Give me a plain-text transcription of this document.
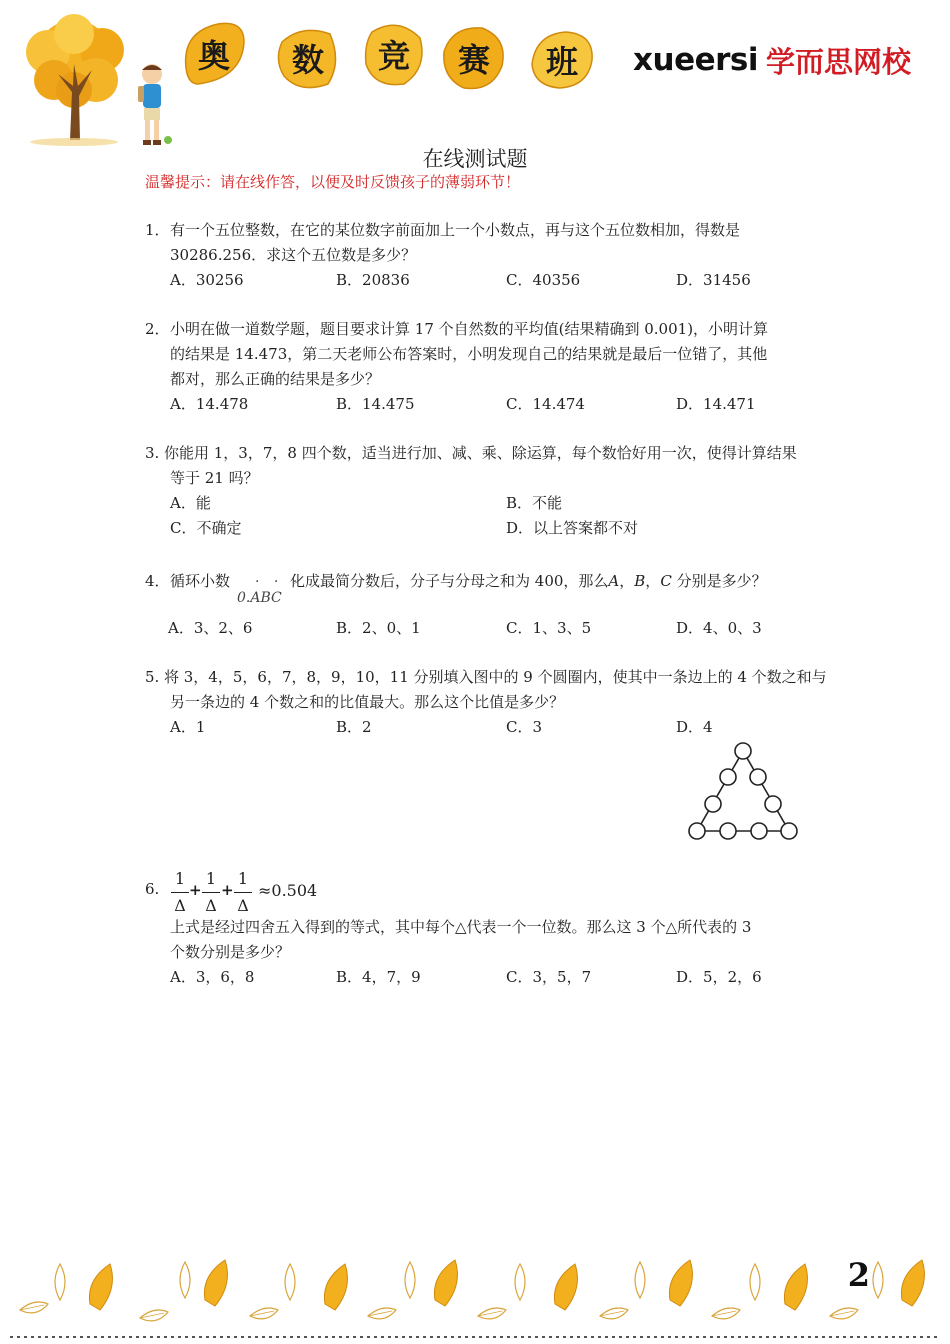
奥	数	竞	赛	班	xueersi 学而思网校
在线测试题
温馨提示：请在线作答，以便及时反馈孩子的薄弱环节！
1． 有一个五位整数，在它的某位数字前面加上一个小数点，再与这个五位数相加，得数是
30286.256．求这个五位数是多少？
A．30256	B．20836	C．40356	D．31456
2． 小明在做一道数学题，题目要求计算 17 个自然数的平均值(结果精确到 0.001)，小明计算
的结果是 14.473，第二天老师公布答案时，小明发现自己的结果就是最后一位错了，其他
都对，那么正确的结果是多少？
A．14.478	B．14.475	C．14.474	D．14.471
3. 你能用 1，3，7，8 四个数，适当进行加、减、乘、除运算，每个数恰好用一次，使得计算结果
等于 21 吗？
A．能	B．不能
C．不确定	D．以上答案都不对
4． 循环小数 . . .
0.ABC
化成最简分数后，分子与分母之和为 400，那么A，B，C 分别是多少？
A．3、2、6	B．2、0、1	C．1、3、5	D．4、0、3
5. 将 3，4，5，6，7，8，9，10，11 分别填入图中的 9 个圆圈内，使其中一条边上的 4 个数之和与
另一条边的 4 个数之和的比值最大。那么这个比值是多少？
A．1	B．2	C．3	D．4
6.
1
Δ
+
1
Δ
+
1
Δ
≈0.504
上式是经过四舍五入得到的等式，其中每个△代表一个一位数。那么这 3 个△所代表的 3
个数分别是多少？
A．3，6，8	B．4，7，9	C．3，5，7	D．5，2，6
2
